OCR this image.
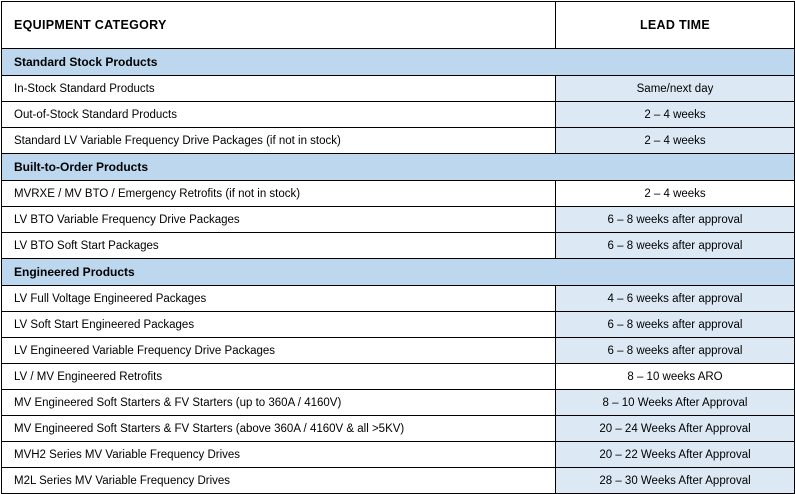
EQUIPMENT CATEGORY	LEAD TIME
Standard Stock Products	
In-Stock Standard Products	Same/next day
Out-of-Stock Standard Products	2 – 4 weeks
Standard LV Variable Frequency Drive Packages (if not in stock)	2 – 4 weeks
Built-to-Order Products	
MVRXE / MV BTO / Emergency Retrofits (if not in stock)	2 – 4 weeks
LV BTO Variable Frequency Drive Packages	6 – 8 weeks after approval
LV BTO Soft Start Packages	6 – 8 weeks after approval
Engineered Products	
LV Full Voltage Engineered Packages	4 – 6 weeks after approval
LV Soft Start Engineered Packages	6 – 8 weeks after approval
LV Engineered Variable Frequency Drive Packages	6 – 8 weeks after approval
LV / MV Engineered Retrofits	8 – 10 weeks ARO
MV Engineered Soft Starters & FV Starters (up to 360A / 4160V)	8 – 10 Weeks After Approval
MV Engineered Soft Starters & FV Starters (above 360A / 4160V & all >5KV)	20 – 24 Weeks After Approval
MVH2 Series MV Variable Frequency Drives	20 – 22 Weeks After Approval
M2L Series MV Variable Frequency Drives	28 – 30 Weeks After Approval
